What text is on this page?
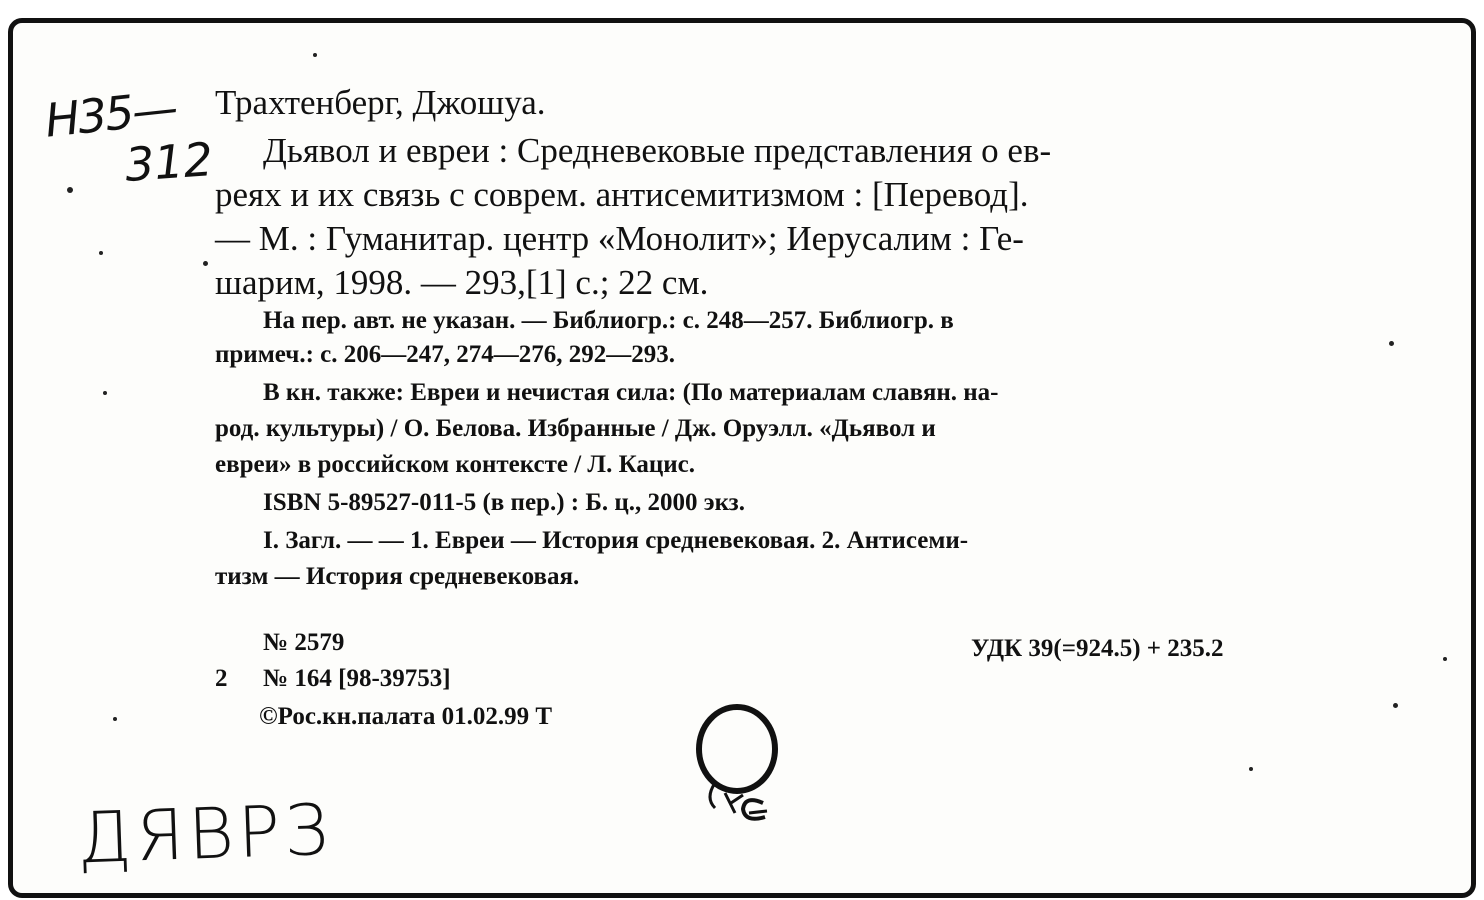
Н35—
312
ДЯВРЗ
Трахтенберг, Джошуа.
Дьявол и евреи : Средневековые представления о ев-
реях и их связь с соврем. антисемитизмом : [Перевод].
— М. : Гуманитар. центр «Монолит»; Иерусалим : Ге-
шарим, 1998. — 293,[1] с.; 22 см.
На пер. авт. не указан. — Библиогр.: с. 248—257. Библиогр. в
примеч.: с. 206—247, 274—276, 292—293.
В кн. также: Евреи и нечистая сила: (По материалам славян. на-
род. культуры) / О. Белова. Избранные / Дж. Оруэлл. «Дьявол и
евреи» в российском контексте / Л. Кацис.
ISBN 5-89527-011-5 (в пер.) : Б. ц., 2000 экз.
I. Загл. — — 1. Евреи — История средневековая. 2. Антисеми-
тизм — История средневековая.
№ 2579	УДК 39(=924.5) + 235.2
2 № 164 [98-39753]
©Рос.кн.палата 01.02.99 Т
